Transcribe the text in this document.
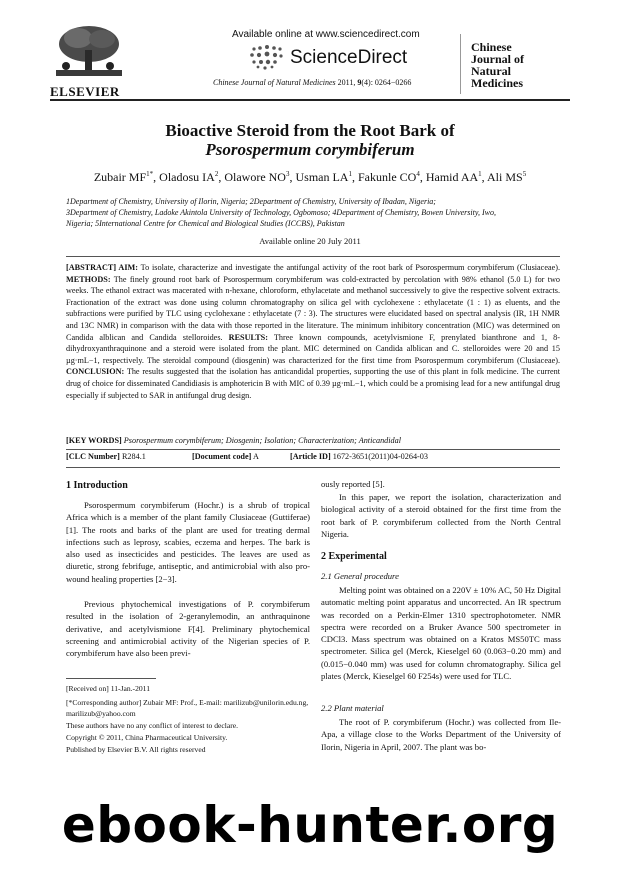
ELSEVIER
Available online at www.sciencedirect.com
ScienceDirect
Chinese Journal of Natural Medicines 2011, 9(4): 0264−0266
Chinese
Journal of
Natural
Medicines
Bioactive Steroid from the Root Bark of
Psorospermum corymbiferum
Zubair $MF^{1*}$, Oladosu $IA^2$, Olawore $NO^3$, Usman $LA^1$, Fakunle $CO^4$, Hamid $AA^1$, Ali $MS^5$
1Department of Chemistry, University of Ilorin, Nigeria; 2Department of Chemistry, University of Ibadan, Nigeria;
3Department of Chemistry, Ladoke Akintola University of Technology, Ogbomoso; 4Department of Chemistry, Bowen University, Iwo,
Nigeria; 5International Centre for Chemical and Biological Studies (ICCBS), Pakistan
Available online 20 July 2011
[ABSTRACT] AIM: To isolate, characterize and investigate the antifungal activity of the root bark of Psorospermum corymbiferum (Clusiaceae). METHODS: The finely ground root bark of Psorospermum corymbiferum was cold-extracted by percolation with 98% ethanol (5.0 L) for two weeks. The ethanol extract was macerated with n-hexane, chloroform, ethylacetate and methanol successively to give the respective solvent extracts. Fractionation of the extract was done using column chromatography on silica gel with cyclohexene : ethylacetate (1 : 1) as eluents, and the subfractions were purified by TLC using cyclohexane : ethylacetate (7 : 3). The structures were elucidated based on spectral analysis (IR, 1H NMR and 13C NMR) in comparison with the data with those reported in the literature. The minimum inhibitory concentration (MIC) was determined on Candida alblican and Candida stelloroides. RESULTS: Three known compounds, acetylvismione F, prenylated bianthrone and 1, 8-dihydroxyanthraquinone and a steroid were isolated from the plant. MIC determined on Candida alblican and C. stelloroides were 20 and 15 µg·mL−1, respectively. The steroidal compound (diosgenin) was characterized for the first time from Psorospermum corymbiferum (Clusiaceae). CONCLUSION: The results suggested that the isolation has anticandidal properties, supporting the use of this plant in folk medicine. The current drug of choice for disseminated Candidiasis is amphotericin B with MIC of 0.39 µg·mL−1, which could be a promising lead for a new antifungal drug especially if subjected to SAR in antifungal drug design.
[KEY WORDS] Psorospermum corymbiferum; Diosgenin; Isolation; Characterization; Anticandidal
[CLC Number] R284.1	[Document code] A	[Article ID] 1672-3651(2011)04-0264-03
1 Introduction
Psorospermum corymbiferum (Hochr.) is a shrub of tropical Africa which is a member of the plant family Clusiaceae (Guttiferae)[1]. The roots and barks of the plant are used for treating dermal infections such as leprosy, scabies, eczema and herpes. The bark is also used as insecticides and pesticides. The leaves are used as diuretic, strong febrifuge, antiseptic, and antimicrobial with also pro-wound healing properties [2−3].
Previous phytochemical investigations of P. corymbiferum resulted in the isolation of 2-geranylemodin, an anthraquinone derivative, and acetylvismione F[4]. Preliminary phytochemical screening and antimicrobial activity of the Nigerian species of P. corymbiferum have also been previ-
[Received on] 11-Jan.-2011
[*Corresponding author] Zubair MF: Prof., E-mail: marilizub@unilorin.edu.ng, marilizub@yahoo.com
These authors have no any conflict of interest to declare.
Copyright © 2011, China Pharmaceutical University.
Published by Elsevier B.V. All rights reserved
ously reported [5].
In this paper, we report the isolation, characterization and biological activity of a steroid obtained for the first time from the root bark of P. corymbiferum collected from the North Central Nigeria.
2 Experimental
2.1 General procedure
Melting point was obtained on a 220V ± 10% AC, 50 Hz Digital automatic melting point apparatus and uncorrected. An IR spectrum was recorded on a Perkin-Elmer 1310 spectrophotometer. NMR spectra were recorded on a Bruker Avance 500 spectrometer in CDCl3. Mass spectrum was obtained on a Kratos MS50TC mass spectrometer. Silica gel (Merck, Kieselgel 60 (0.063−0.20 mm) and (0.015−0.040 mm) was used for column chromatography. Silica gel plates (Merck, Kieselgel 60 F254s) were used for TLC.
2.2 Plant material
The root of P. corymbiferum (Hochr.) was collected from Ile-Apa, a village close to the Works Department of the University of Ilorin, Nigeria in April, 2007. The plant was bo-
ebook-hunter.org
